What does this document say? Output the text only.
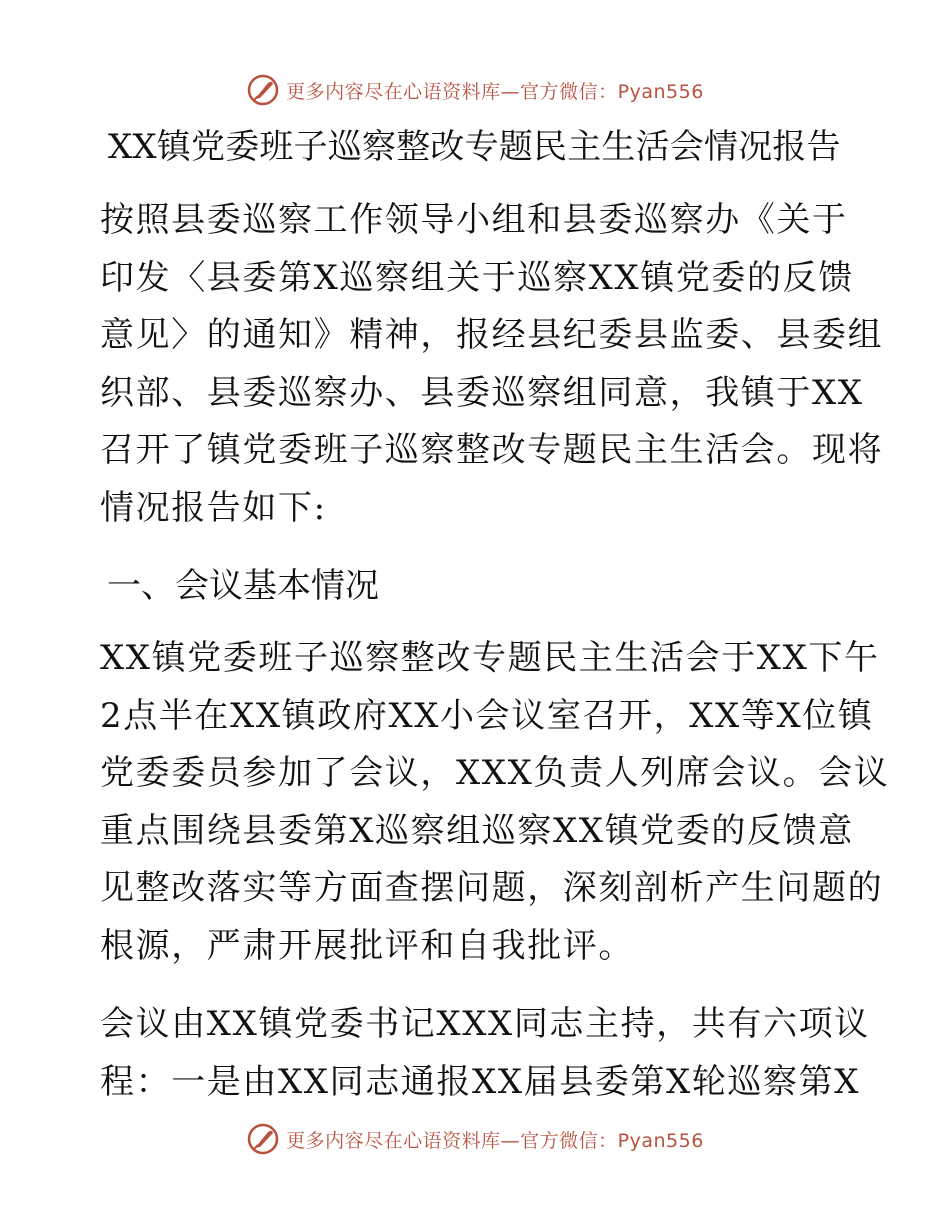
更多内容尽在心语资料库—官方微信：Pyan556
XX镇党委班子巡察整改专题民主生活会情况报告
按照县委巡察工作领导小组和县委巡察办《关于
印发〈县委第X巡察组关于巡察XX镇党委的反馈
意见〉的通知》精神，报经县纪委县监委、县委组
织部、县委巡察办、县委巡察组同意，我镇于XX
召开了镇党委班子巡察整改专题民主生活会。现将
情况报告如下:
一、会议基本情况
XX镇党委班子巡察整改专题民主生活会于XX下午
2点半在XX镇政府XX小会议室召开，XX等X位镇
党委委员参加了会议，XXX负责人列席会议。会议
重点围绕县委第X巡察组巡察XX镇党委的反馈意
见整改落实等方面查摆问题，深刻剖析产生问题的
根源，严肃开展批评和自我批评。
会议由XX镇党委书记XXX同志主持，共有六项议
程：一是由XX同志通报XX届县委第X轮巡察第X
更多内容尽在心语资料库—官方微信：Pyan556
